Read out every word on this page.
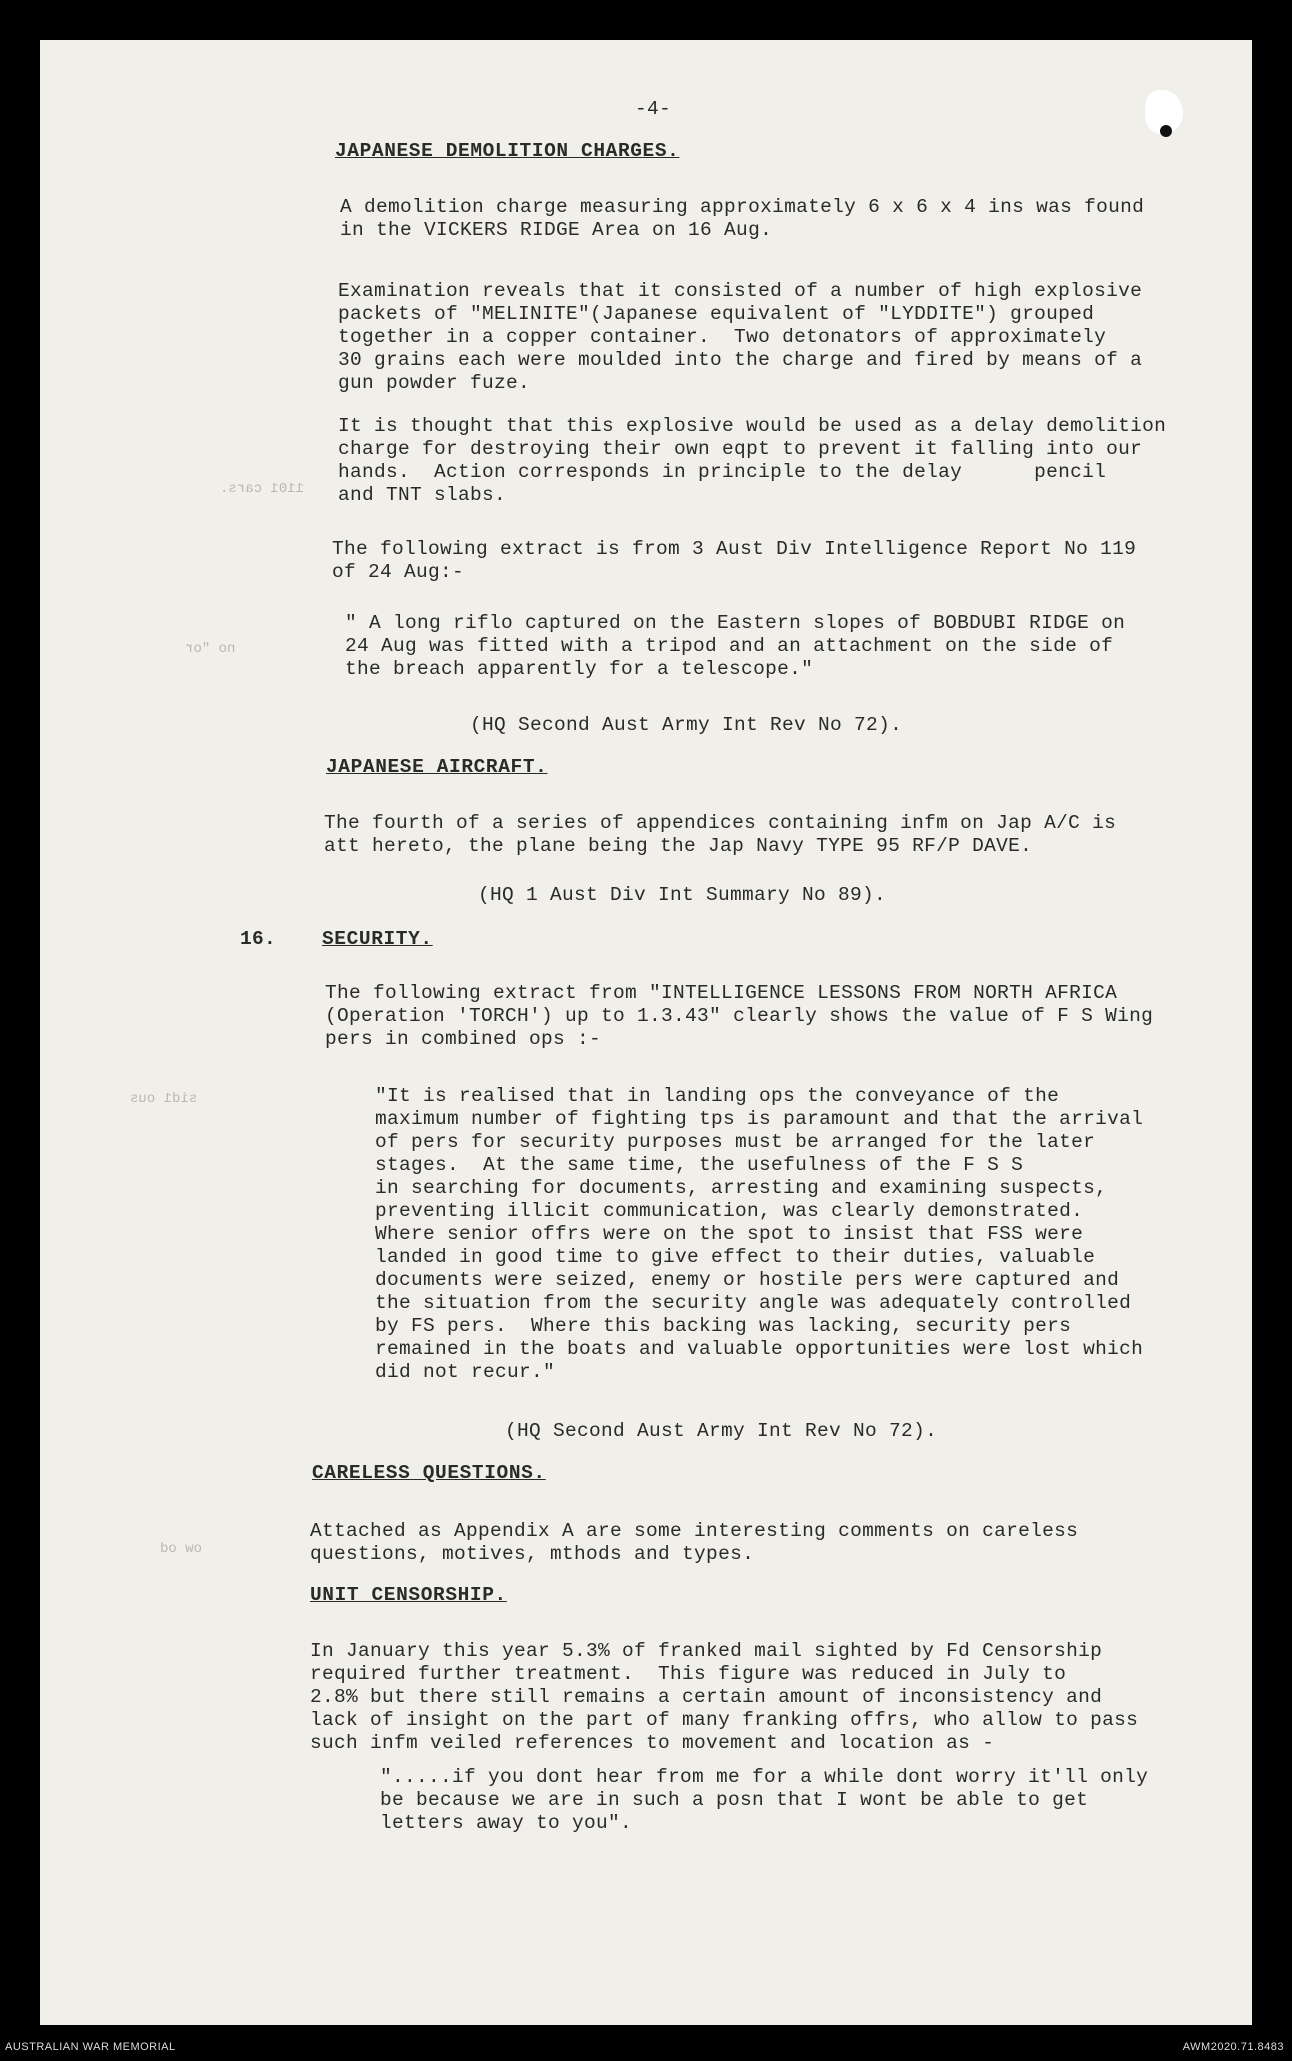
1101 cars.
no "or
sid1 ous
ow od
-4-
JAPANESE DEMOLITION CHARGES.
A demolition charge measuring approximately 6 x 6 x 4 ins was found
in the VICKERS RIDGE Area on 16 Aug.
Examination reveals that it consisted of a number of high explosive
packets of "MELINITE"(Japanese equivalent of "LYDDITE") grouped
together in a copper container.  Two detonators of approximately
30 grains each were moulded into the charge and fired by means of a
gun powder fuze.
It is thought that this explosive would be used as a delay demolition
charge for destroying their own eqpt to prevent it falling into our
hands.  Action corresponds in principle to the delay      pencil
and TNT slabs.
The following extract is from 3 Aust Div Intelligence Report No 119
of 24 Aug:-
" A long riflo captured on the Eastern slopes of BOBDUBI RIDGE on
24 Aug was fitted with a tripod and an attachment on the side of
the breach apparently for a telescope."
(HQ Second Aust Army Int Rev No 72).
JAPANESE AIRCRAFT.
The fourth of a series of appendices containing infm on Jap A/C is
att hereto, the plane being the Jap Navy TYPE 95 RF/P DAVE.
(HQ 1 Aust Div Int Summary No 89).
16. SECURITY.
The following extract from "INTELLIGENCE LESSONS FROM NORTH AFRICA
(Operation 'TORCH') up to 1.3.43" clearly shows the value of F S Wing
pers in combined ops :-
"It is realised that in landing ops the conveyance of the
maximum number of fighting tps is paramount and that the arrival
of pers for security purposes must be arranged for the later
stages.  At the same time, the usefulness of the F S S
in searching for documents, arresting and examining suspects,
preventing illicit communication, was clearly demonstrated.
Where senior offrs were on the spot to insist that FSS were
landed in good time to give effect to their duties, valuable
documents were seized, enemy or hostile pers were captured and
the situation from the security angle was adequately controlled
by FS pers.  Where this backing was lacking, security pers
remained in the boats and valuable opportunities were lost which
did not recur."
(HQ Second Aust Army Int Rev No 72).
CARELESS QUESTIONS.
Attached as Appendix A are some interesting comments on careless
questions, motives, mthods and types.
UNIT CENSORSHIP.
In January this year 5.3% of franked mail sighted by Fd Censorship
required further treatment.  This figure was reduced in July to
2.8% but there still remains a certain amount of inconsistency and
lack of insight on the part of many franking offrs, who allow to pass
such infm veiled references to movement and location as -
".....if you dont hear from me for a while dont worry it'll only
be because we are in such a posn that I wont be able to get
letters away to you".
AUSTRALIAN WAR MEMORIAL	AWM2020.71.8483
